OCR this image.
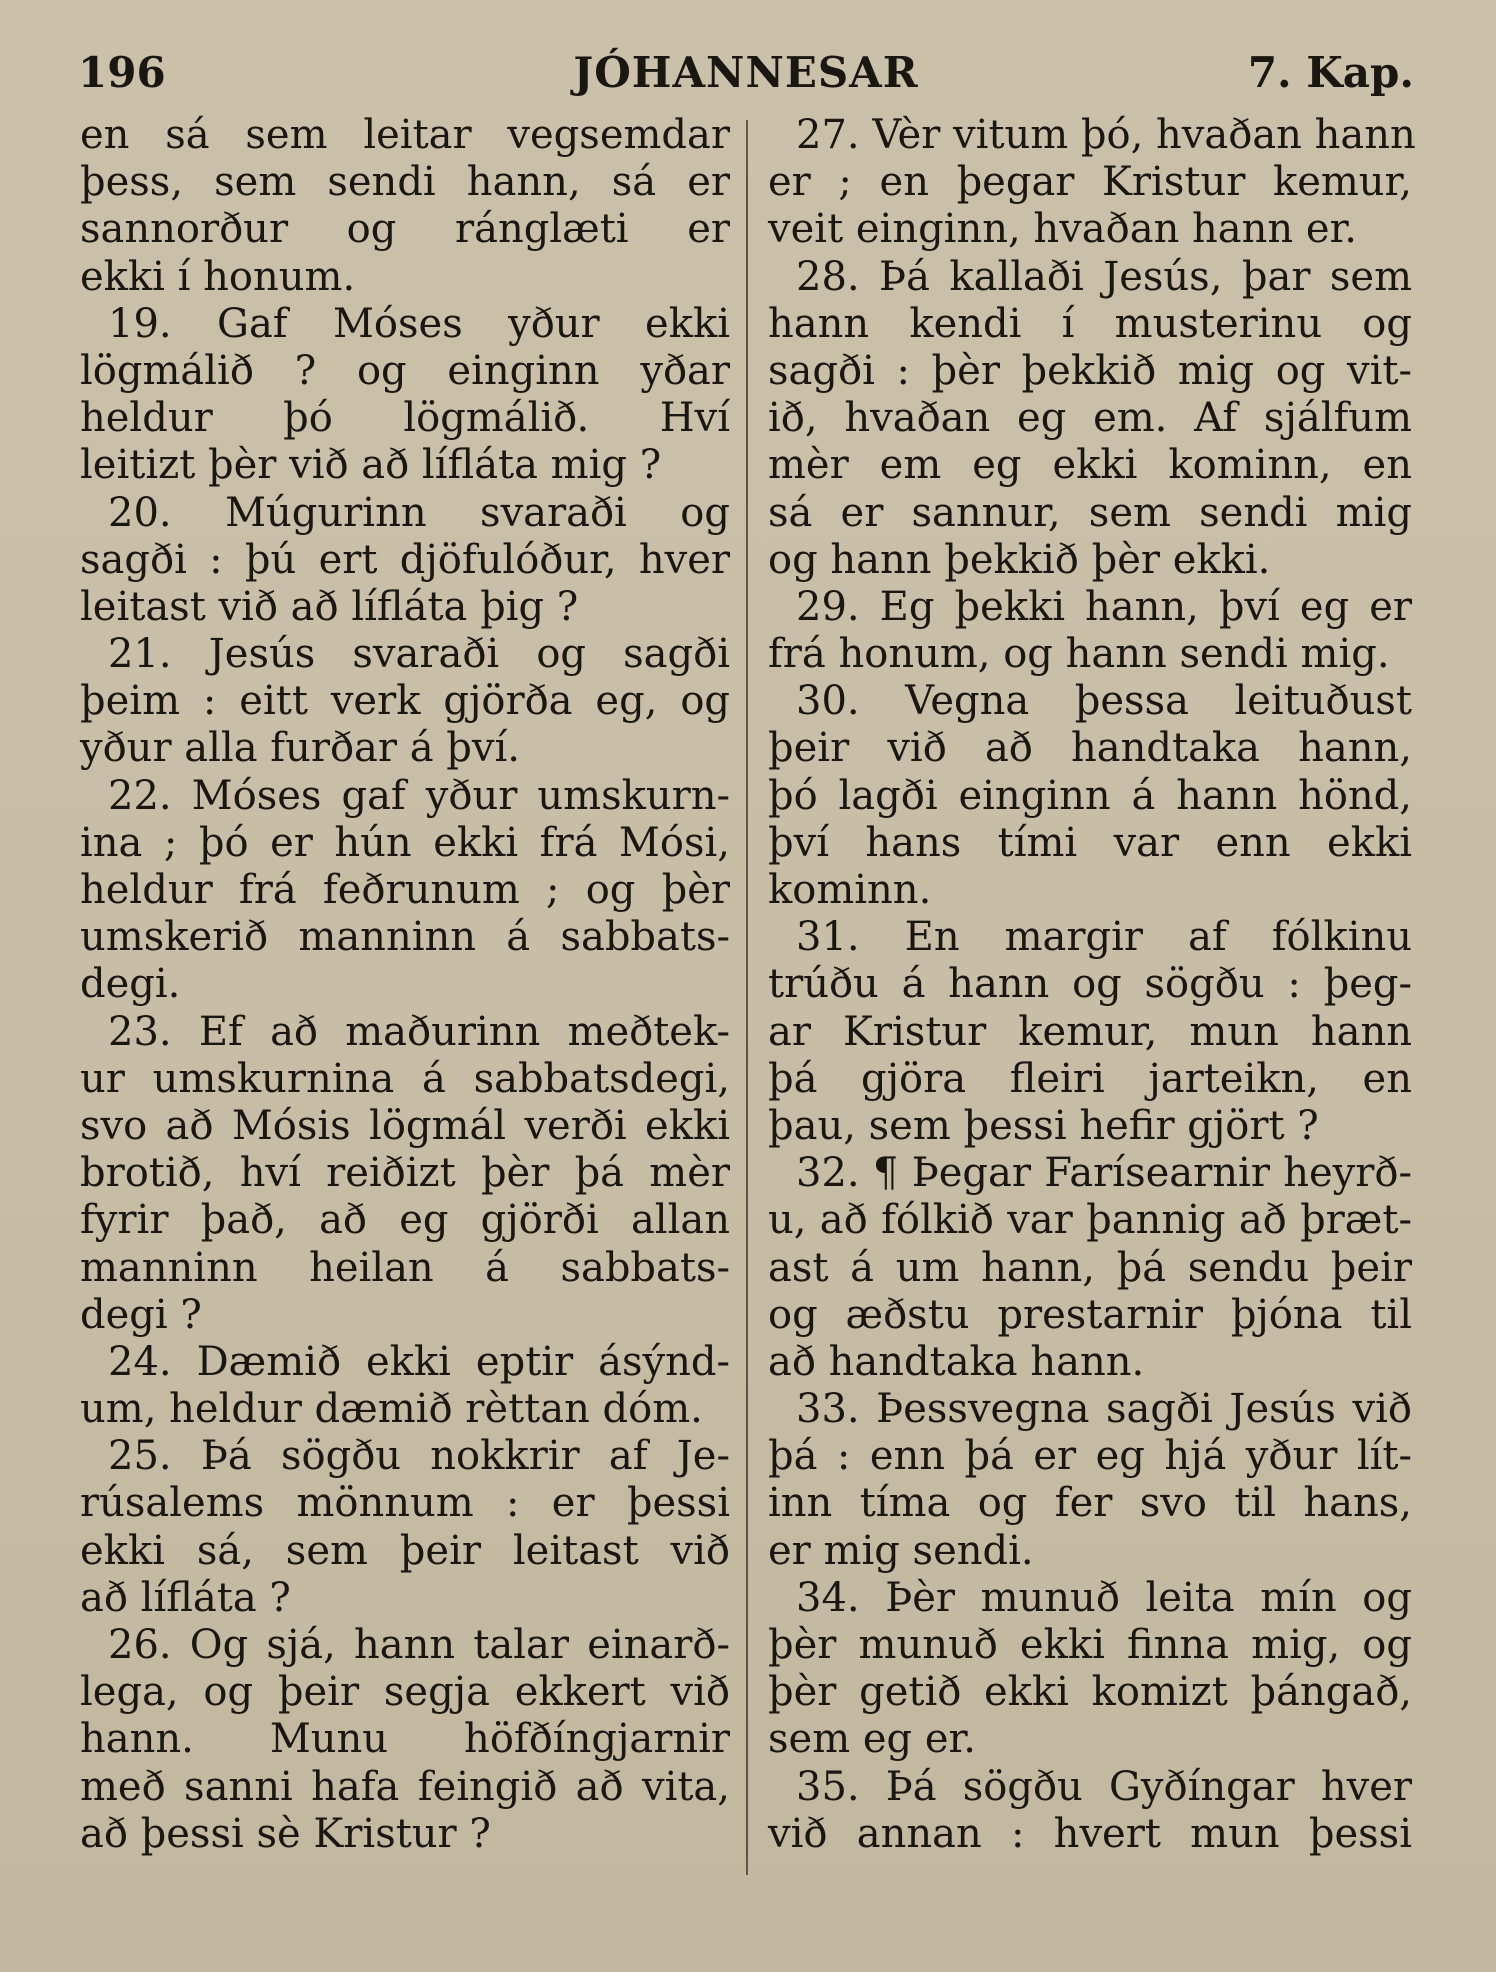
196	JÓHANNESAR	7. Kap.
en sá sem leitar vegsemdar
þess, sem sendi hann, sá er
sannorður og ránglæti er
ekki í honum.
19. Gaf Móses yður ekki
lögmálið ? og einginn yðar
heldur þó lögmálið. Hví
leitizt þèr við að lífláta mig ?
20. Múgurinn svaraði og
sagði : þú ert djöfulóður, hver
leitast við að lífláta þig ?
21. Jesús svaraði og sagði
þeim : eitt verk gjörða eg, og
yður alla furðar á því.
22. Móses gaf yður umskurn-
ina ; þó er hún ekki frá Mósi,
heldur frá feðrunum ; og þèr
umskerið manninn á sabbats-
degi.
23. Ef að maðurinn meðtek-
ur umskurnina á sabbatsdegi,
svo að Mósis lögmál verði ekki
brotið, hví reiðizt þèr þá mèr
fyrir það, að eg gjörði allan
manninn heilan á sabbats-
degi ?
24. Dæmið ekki eptir ásýnd-
um, heldur dæmið rèttan dóm.
25. Þá sögðu nokkrir af Je-
rúsalems mönnum : er þessi
ekki sá, sem þeir leitast við
að lífláta ?
26. Og sjá, hann talar einarð-
lega, og þeir segja ekkert við
hann. Munu höfðíngjarnir
með sanni hafa feingið að vita,
að þessi sè Kristur ?
27. Vèr vitum þó, hvaðan hann
er ; en þegar Kristur kemur,
veit einginn, hvaðan hann er.
28. Þá kallaði Jesús, þar sem
hann kendi í musterinu og
sagði : þèr þekkið mig og vit-
ið, hvaðan eg em. Af sjálfum
mèr em eg ekki kominn, en
sá er sannur, sem sendi mig
og hann þekkið þèr ekki.
29. Eg þekki hann, því eg er
frá honum, og hann sendi mig.
30. Vegna þessa leituðust
þeir við að handtaka hann,
þó lagði einginn á hann hönd,
því hans tími var enn ekki
kominn.
31. En margir af fólkinu
trúðu á hann og sögðu : þeg-
ar Kristur kemur, mun hann
þá gjöra fleiri jarteikn, en
þau, sem þessi hefir gjört ?
32. ¶ Þegar Farísearnir heyrð-
u, að fólkið var þannig að þræt-
ast á um hann, þá sendu þeir
og æðstu prestarnir þjóna til
að handtaka hann.
33. Þessvegna sagði Jesús við
þá : enn þá er eg hjá yður lít-
inn tíma og fer svo til hans,
er mig sendi.
34. Þèr munuð leita mín og
þèr munuð ekki finna mig, og
þèr getið ekki komizt þángað,
sem eg er.
35. Þá sögðu Gyðíngar hver
við annan : hvert mun þessi
